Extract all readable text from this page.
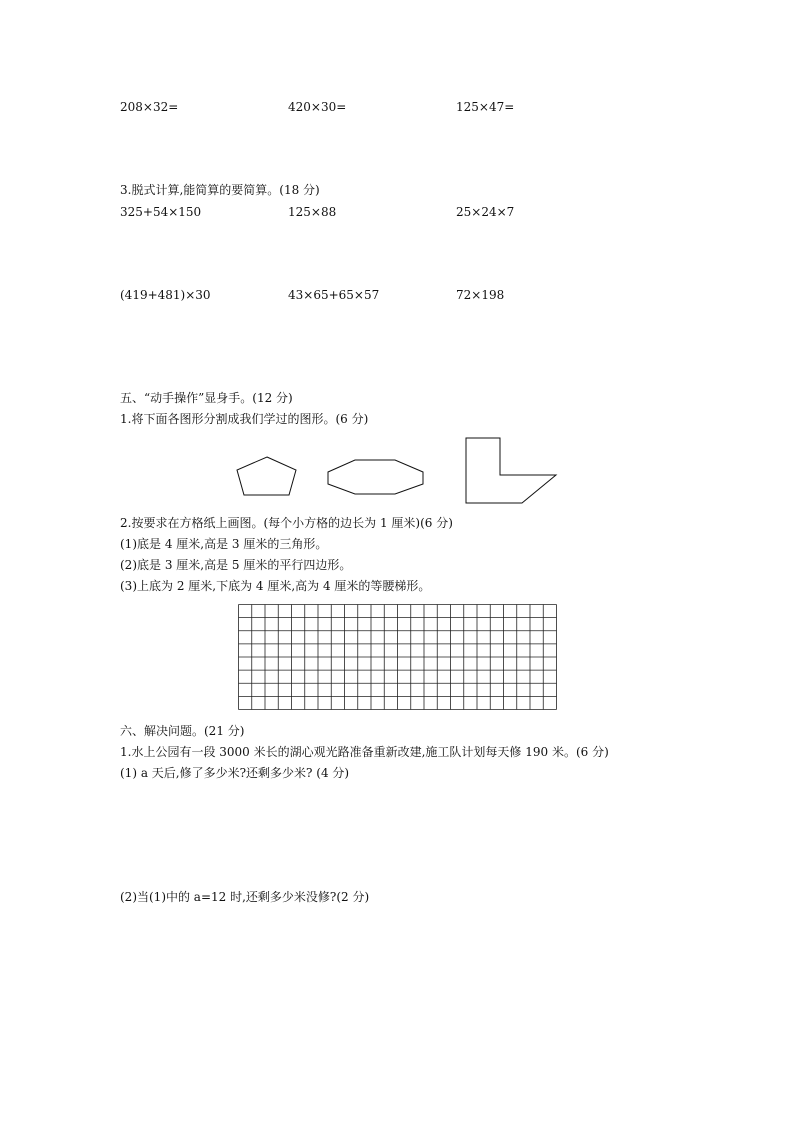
208×32=	420×30=	125×47=
3.脱式计算,能简算的要简算。(18 分)
325+54×150	125×88	25×24×7
(419+481)×30	43×65+65×57	72×198
五、“动手操作”显身手。(12 分)
1.将下面各图形分割成我们学过的图形。(6 分)
2.按要求在方格纸上画图。(每个小方格的边长为 1 厘米)(6 分)
(1)底是 4 厘米,高是 3 厘米的三角形。
(2)底是 3 厘米,高是 5 厘米的平行四边形。
(3)上底为 2 厘米,下底为 4 厘米,高为 4 厘米的等腰梯形。
六、解决问题。(21 分)
1.水上公园有一段 3000 米长的湖心观光路准备重新改建,施工队计划每天修 190 米。(6 分)
(1) a 天后,修了多少米?还剩多少米? (4 分)
(2)当(1)中的 a=12 时,还剩多少米没修?(2 分)
